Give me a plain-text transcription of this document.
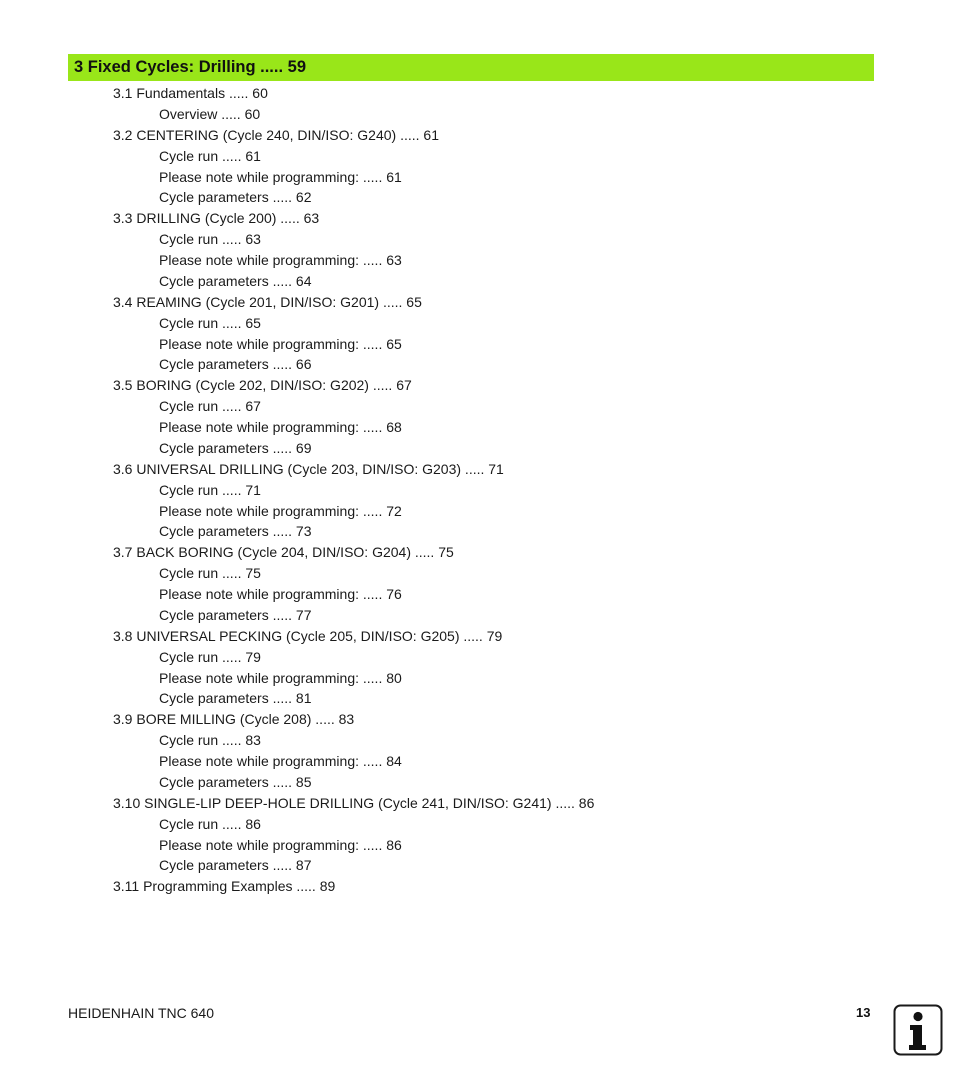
3 Fixed Cycles: Drilling ..... 59
3.1 Fundamentals ..... 60
Overview ..... 60
3.2 CENTERING (Cycle 240, DIN/ISO: G240) ..... 61
Cycle run ..... 61
Please note while programming: ..... 61
Cycle parameters ..... 62
3.3 DRILLING (Cycle 200) ..... 63
Cycle run ..... 63
Please note while programming: ..... 63
Cycle parameters ..... 64
3.4 REAMING (Cycle 201, DIN/ISO: G201) ..... 65
Cycle run ..... 65
Please note while programming: ..... 65
Cycle parameters ..... 66
3.5 BORING (Cycle 202, DIN/ISO: G202) ..... 67
Cycle run ..... 67
Please note while programming: ..... 68
Cycle parameters ..... 69
3.6 UNIVERSAL DRILLING (Cycle 203, DIN/ISO: G203) ..... 71
Cycle run ..... 71
Please note while programming: ..... 72
Cycle parameters ..... 73
3.7 BACK BORING (Cycle 204, DIN/ISO: G204) ..... 75
Cycle run ..... 75
Please note while programming: ..... 76
Cycle parameters ..... 77
3.8 UNIVERSAL PECKING (Cycle 205, DIN/ISO: G205) ..... 79
Cycle run ..... 79
Please note while programming: ..... 80
Cycle parameters ..... 81
3.9 BORE MILLING (Cycle 208) ..... 83
Cycle run ..... 83
Please note while programming: ..... 84
Cycle parameters ..... 85
3.10 SINGLE-LIP DEEP-HOLE DRILLING (Cycle 241, DIN/ISO: G241) ..... 86
Cycle run ..... 86
Please note while programming: ..... 86
Cycle parameters ..... 87
3.11 Programming Examples ..... 89
HEIDENHAIN TNC 640	13
